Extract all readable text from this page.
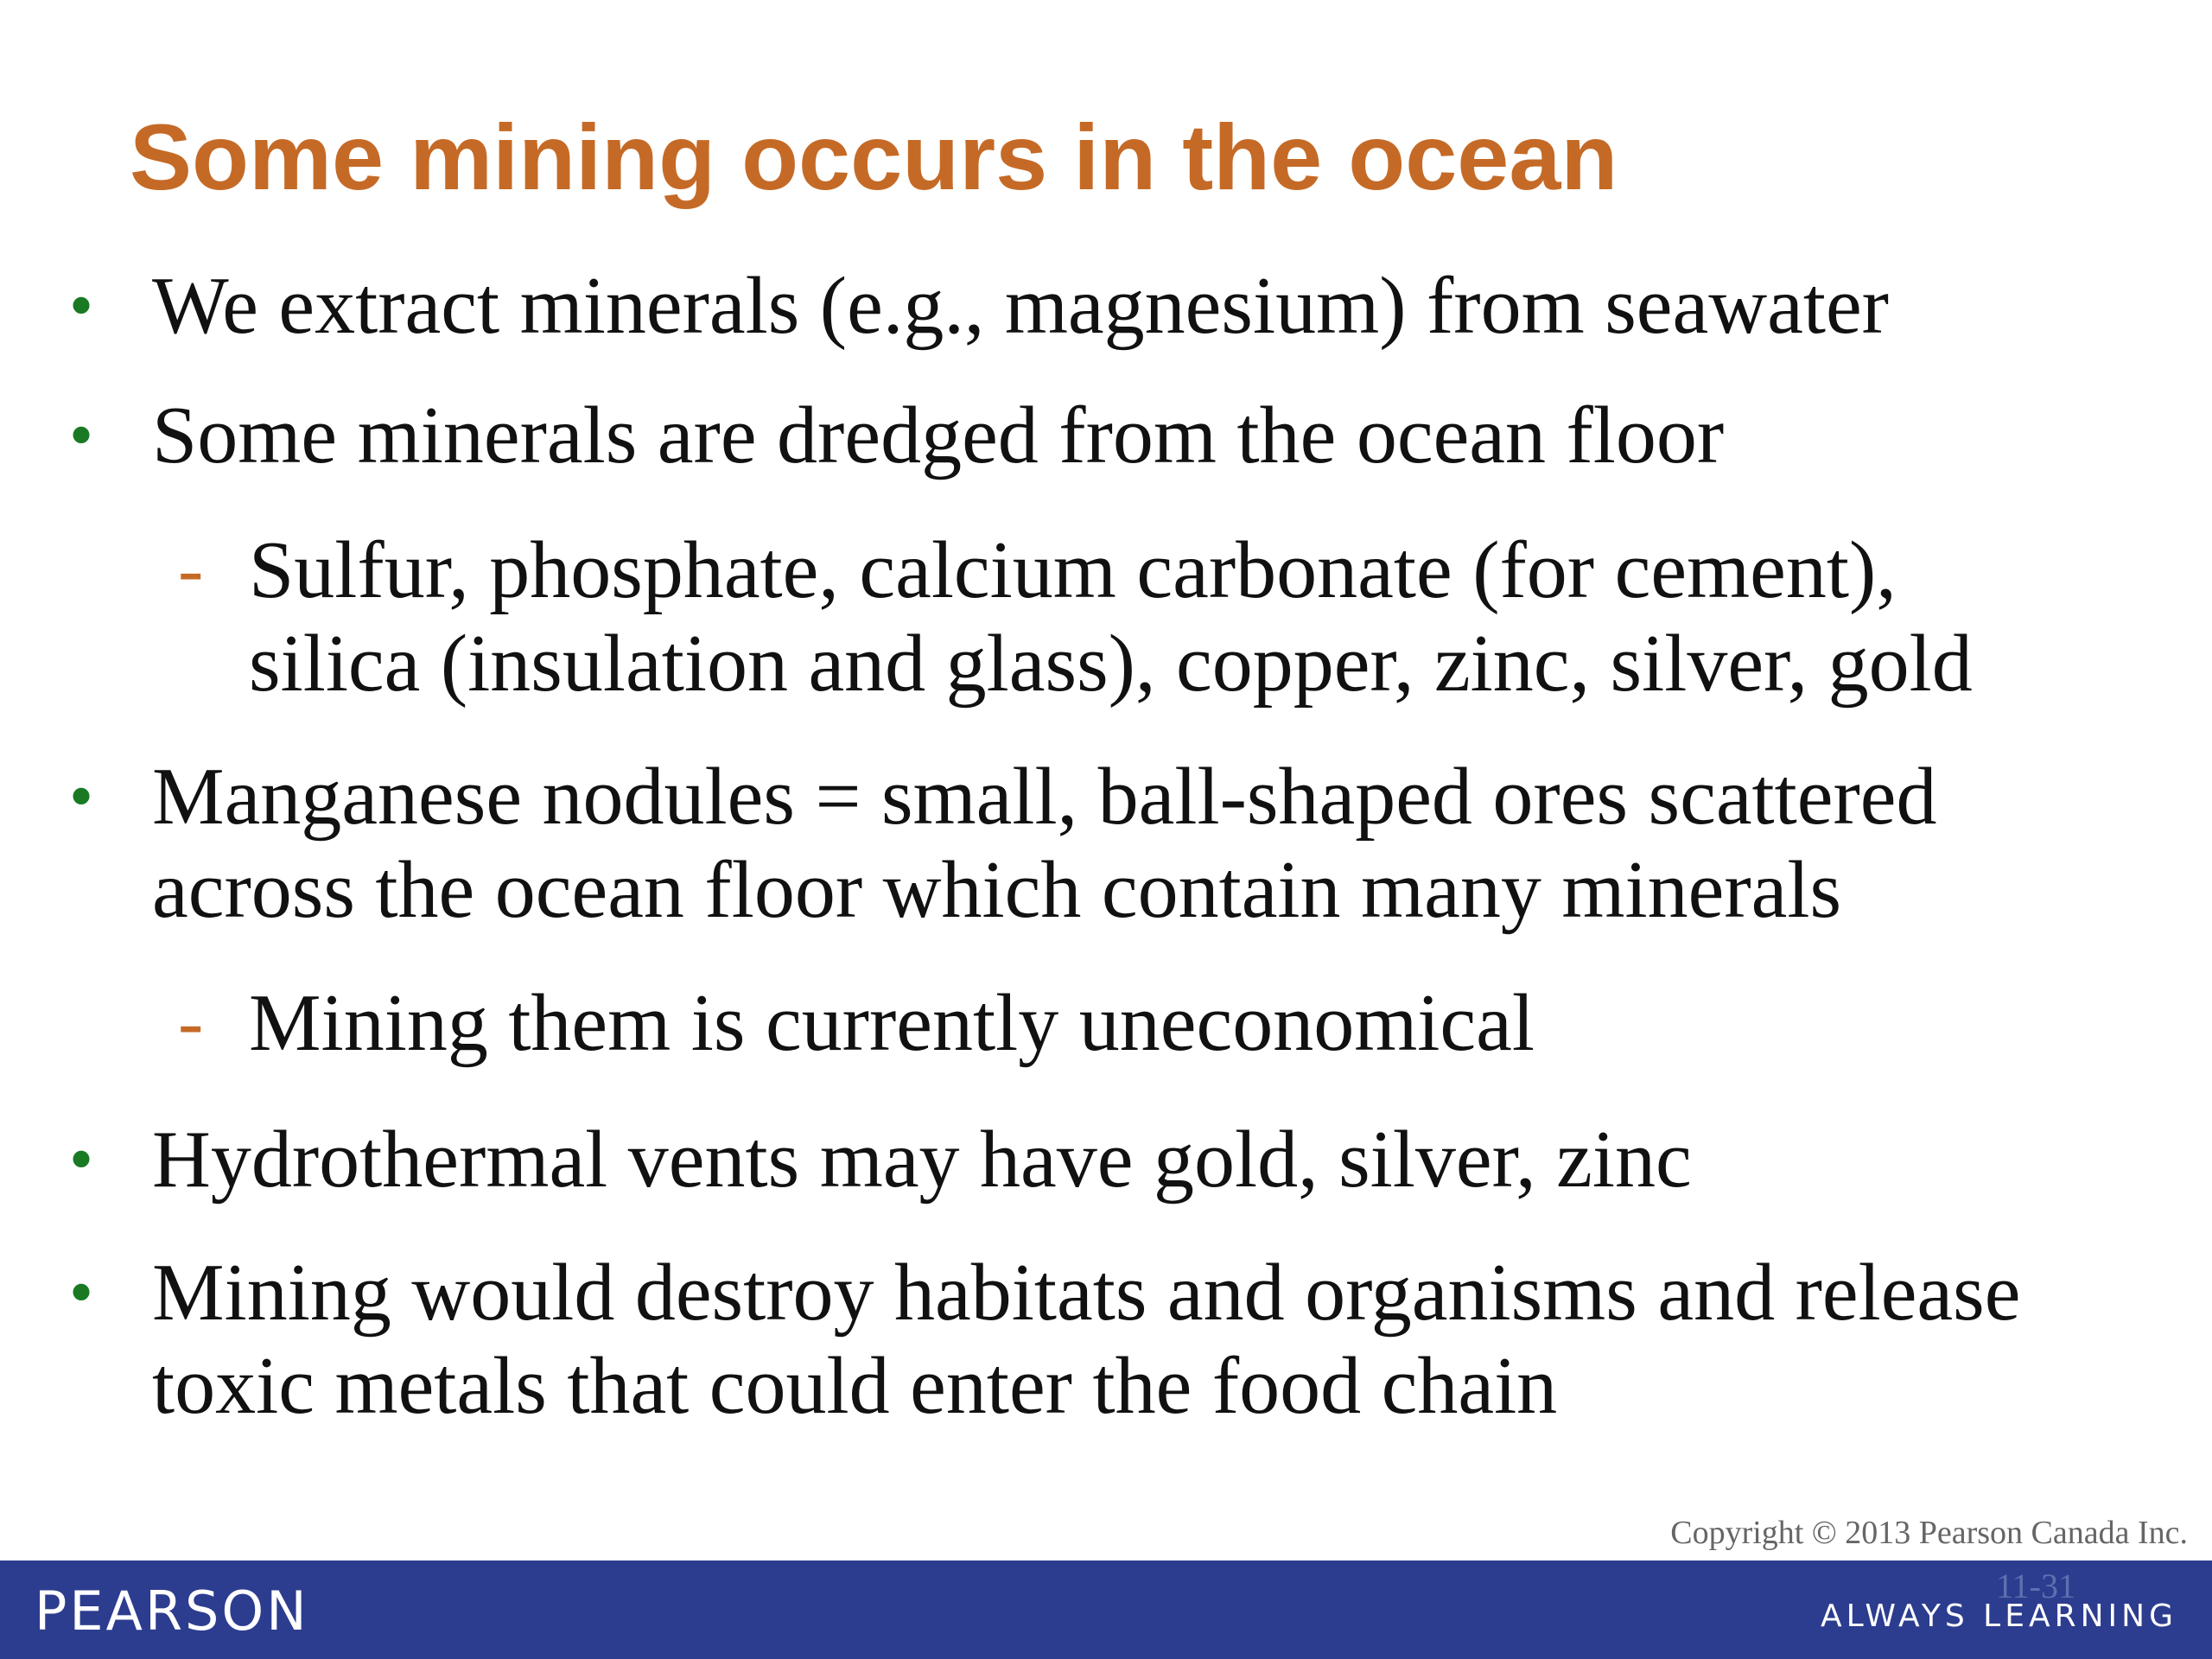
Some mining occurs in the ocean
• We extract minerals (e.g., magnesium) from seawater
• Some minerals are dredged from the ocean floor
- Sulfur, phosphate, calcium carbonate (for cement),
silica (insulation and glass), copper, zinc, silver, gold
• Manganese nodules = small, ball-shaped ores scattered
across the ocean floor which contain many minerals
- Mining them is currently uneconomical
• Hydrothermal vents may have gold, silver, zinc
• Mining would destroy habitats and organisms and release
toxic metals that could enter the food chain
Copyright © 2013 Pearson Canada Inc.
PEARSON	11-31
ALWAYS LEARNING
